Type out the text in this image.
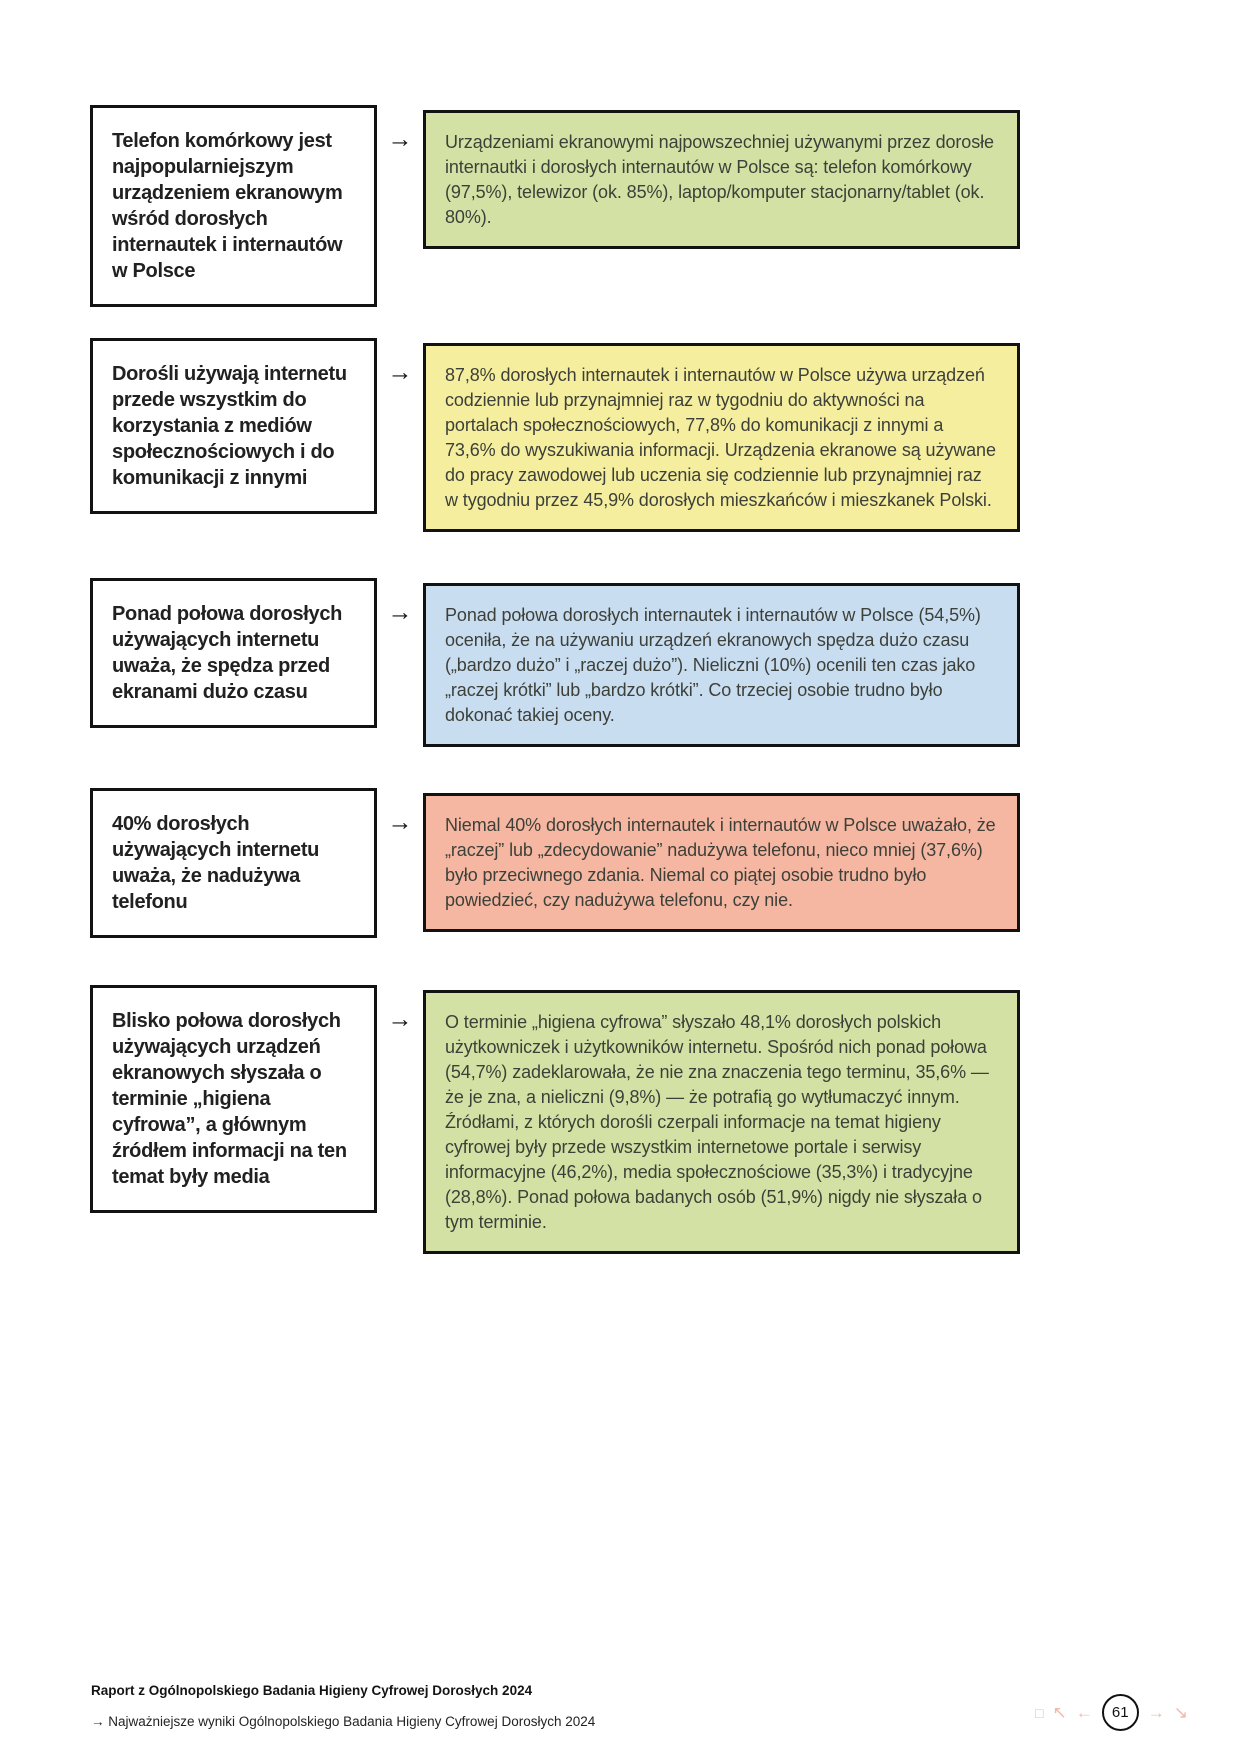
Telefon komórkowy jest najpopularniejszym urządzeniem ekranowym wśród dorosłych internautek i internautów w Polsce
→	Urządzeniami ekranowymi najpowszechniej używanymi przez dorosłe internautki i dorosłych internautów w Polsce są: telefon komórkowy (97,5%), telewizor (ok. 85%), laptop/komputer stacjonarny/tablet (ok. 80%).
Dorośli używają internetu przede wszystkim do korzystania z mediów społecznościowych i do komunikacji z innymi
→	87,8% dorosłych internautek i internautów w Polsce używa urządzeń codziennie lub przynajmniej raz w tygodniu do aktywności na portalach społecznościowych, 77,8% do komunikacji z innymi a 73,6% do wyszukiwania informacji. Urządzenia ekranowe są używane do pracy zawodowej lub uczenia się codziennie lub przynajmniej raz w tygodniu przez 45,9% dorosłych mieszkańców i mieszkanek Polski.
Ponad połowa dorosłych używających internetu uważa, że spędza przed ekranami dużo czasu
→	Ponad połowa dorosłych internautek i internautów w Polsce (54,5%) oceniła, że na używaniu urządzeń ekranowych spędza dużo czasu („bardzo dużo” i „raczej dużo”). Nieliczni (10%) ocenili ten czas jako „raczej krótki” lub „bardzo krótki”. Co trzeciej osobie trudno było dokonać takiej oceny.
40% dorosłych używających internetu uważa, że nadużywa telefonu
→	Niemal 40% dorosłych internautek i internautów w Polsce uważało, że „raczej” lub „zdecydowanie” nadużywa telefonu, nieco mniej (37,6%) było przeciwnego zdania. Niemal co piątej osobie trudno było powiedzieć, czy nadużywa telefonu, czy nie.
Blisko połowa dorosłych używających urządzeń ekranowych słyszała o terminie „higiena cyfrowa”, a głównym źródłem informacji na ten temat były media
→	O terminie „higiena cyfrowa” słyszało 48,1% dorosłych polskich użytkowniczek i użytkowników internetu. Spośród nich ponad połowa (54,7%) zadeklarowała, że nie zna znaczenia tego terminu, 35,6% — że je zna, a nieliczni (9,8%) — że potrafią go wytłumaczyć innym. Źródłami, z których dorośli czerpali informacje na temat higieny cyfrowej były przede wszystkim internetowe portale i serwisy informacyjne (46,2%), media społecznościowe (35,3%) i tradycyjne (28,8%). Ponad połowa badanych osób (51,9%) nigdy nie słyszała o tym terminie.
Raport z Ogólnopolskiego Badania Higieny Cyfrowej Dorosłych 2024
→ Najważniejsze wyniki Ogólnopolskiego Badania Higieny Cyfrowej Dorosłych 2024
□ ↖ ← 61 → ↘
